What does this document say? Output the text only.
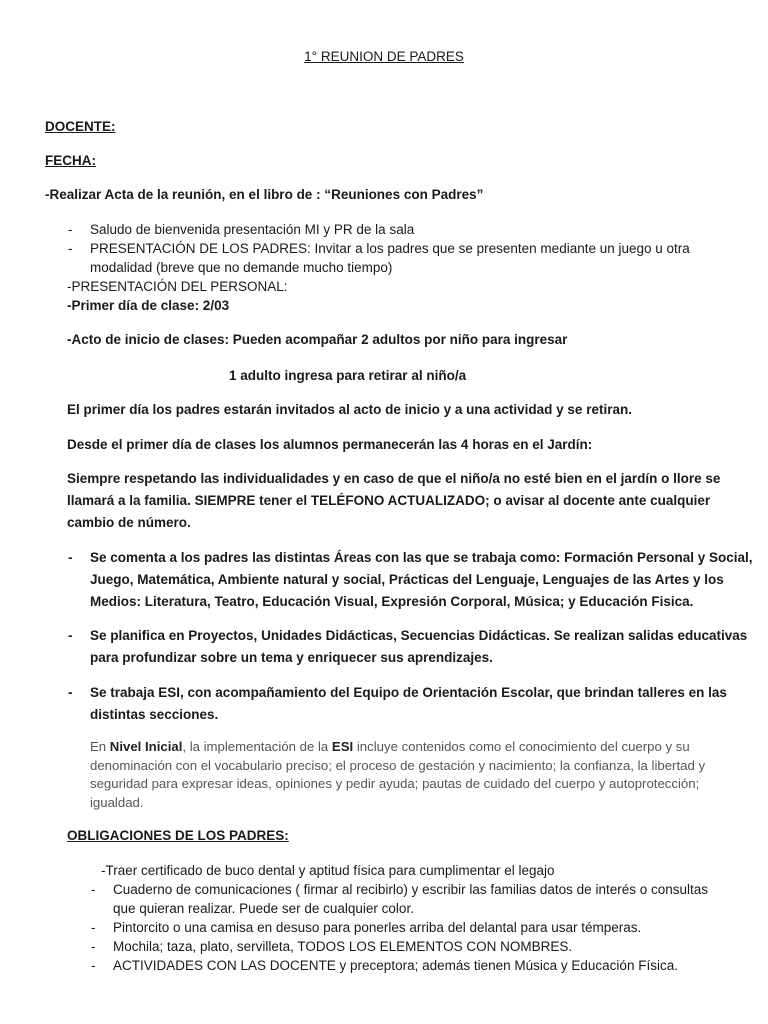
1° REUNION DE PADRES
DOCENTE:
FECHA:
-Realizar Acta de la reunión, en el libro de : “Reuniones con Padres”
- Saludo de bienvenida presentación MI y PR de la sala
- PRESENTACIÓN DE LOS PADRES: Invitar a los padres que se presenten mediante un juego u otra
modalidad (breve que no demande mucho tiempo)
-PRESENTACIÓN DEL PERSONAL:
-Primer día de clase: 2/03
-Acto de inicio de clases: Pueden acompañar 2 adultos por niño para ingresar
1 adulto ingresa para retirar al niño/a
El primer día los padres estarán invitados al acto de inicio y a una actividad y se retiran.
Desde el primer día de clases los alumnos permanecerán las 4 horas en el Jardín:
Siempre respetando las individualidades y en caso de que el niño/a no esté bien en el jardín o llore se
llamará a la familia. SIEMPRE tener el TELÉFONO ACTUALIZADO; o avisar al docente ante cualquier
cambio de número.
- Se comenta a los padres las distintas Áreas con las que se trabaja como: Formación Personal y Social,
Juego, Matemática, Ambiente natural y social, Prácticas del Lenguaje, Lenguajes de las Artes y los
Medios: Literatura, Teatro, Educación Visual, Expresión Corporal, Música; y Educación Fisica.
- Se planifica en Proyectos, Unidades Didácticas, Secuencias Didácticas. Se realizan salidas educativas
para profundizar sobre un tema y enriquecer sus aprendizajes.
- Se trabaja ESI, con acompañamiento del Equipo de Orientación Escolar, que brindan talleres en las
distintas secciones.
En Nivel Inicial, la implementación de la ESI incluye contenidos como el conocimiento del cuerpo y su denominación con el vocabulario preciso; el proceso de gestación y nacimiento; la confianza, la libertad y seguridad para expresar ideas, opiniones y pedir ayuda; pautas de cuidado del cuerpo y autoprotección; igualdad.
OBLIGACIONES DE LOS PADRES:
-Traer certificado de buco dental y aptitud física para cumplimentar el legajo
- Cuaderno de comunicaciones ( firmar al recibirlo) y escribir las familias datos de interés o consultas
que quieran realizar. Puede ser de cualquier color.
- Pintorcito o una camisa en desuso para ponerles arriba del delantal para usar témperas.
- Mochila; taza, plato, servilleta, TODOS LOS ELEMENTOS CON NOMBRES.
- ACTIVIDADES CON LAS DOCENTE y preceptora; además tienen Música y Educación Física.
